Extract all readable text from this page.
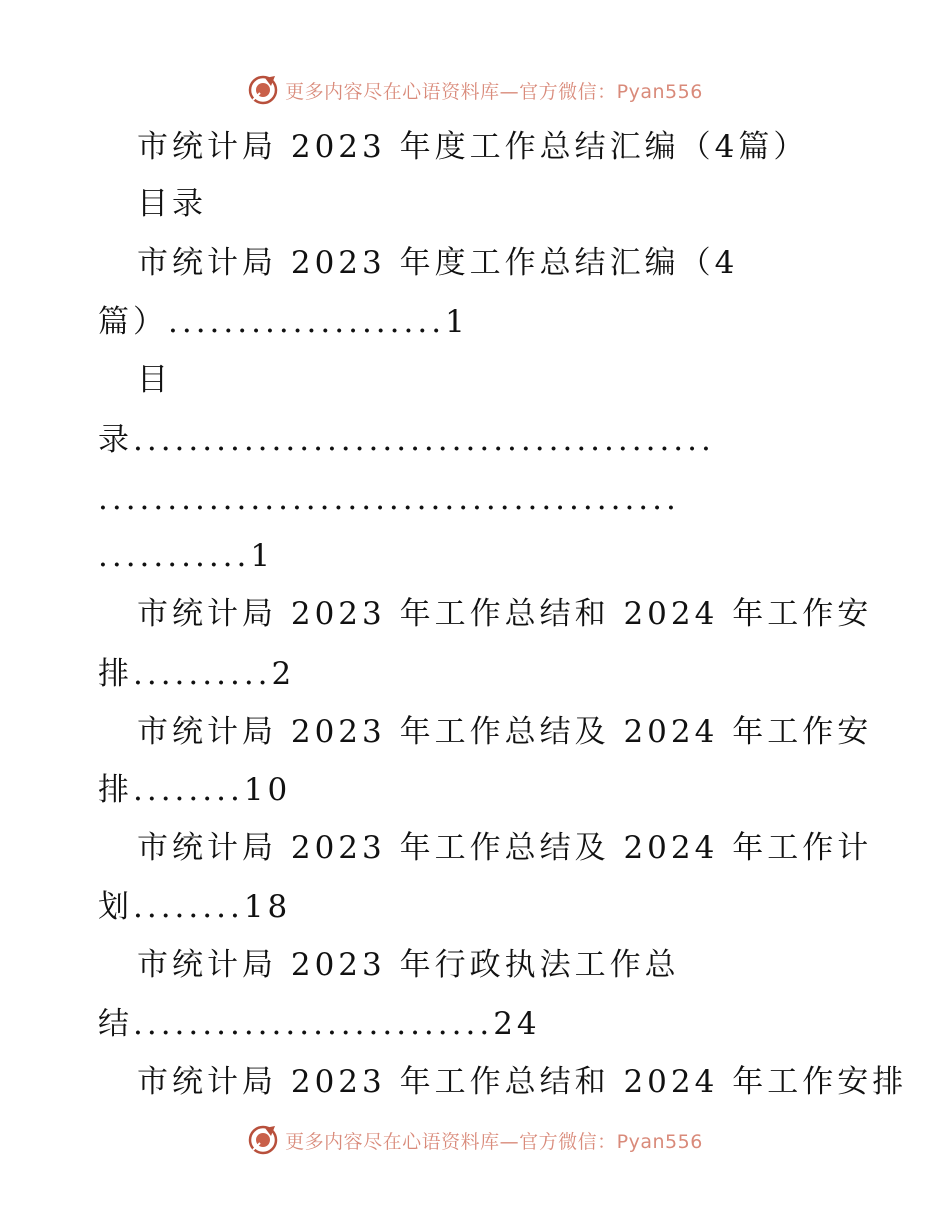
更多内容尽在心语资料库—官方微信：Pyan556
市统计局 2023 年度工作总结汇编（4篇）
目录
市统计局 2023 年度工作总结汇编（4
篇）....................1
目
录..........................................
..........................................
...........1
市统计局 2023 年工作总结和 2024 年工作安
排..........2
市统计局 2023 年工作总结及 2024 年工作安
排........10
市统计局 2023 年工作总结及 2024 年工作计
划........18
市统计局 2023 年行政执法工作总
结..........................24
市统计局 2023 年工作总结和 2024 年工作安排
更多内容尽在心语资料库—官方微信：Pyan556
